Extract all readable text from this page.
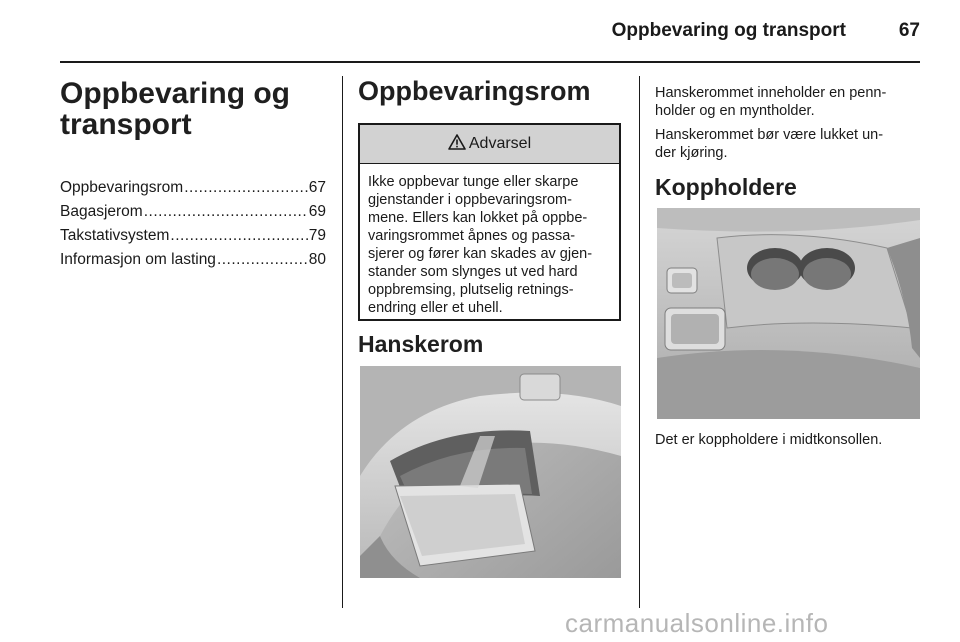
Oppbevaring og transport	67
Oppbevaring og
transport
Oppbevaringsrom .....	67
Bagasjerom .....	69
Takstativsystem .....	79
Informasjon om lasting .....	80
Oppbevaringsrom
Advarsel
Ikke oppbevar tunge eller skarpe
gjenstander i oppbevaringsrom-
mene. Ellers kan lokket på oppbe-
varingsrommet åpnes og passa-
sjerer og fører kan skades av gjen-
stander som slynges ut ved hard
oppbremsing, plutselig retnings-
endring eller et uhell.
Hanskerom

Hanskerommet inneholder en penn-
holder og en myntholder.

Hanskerommet bør være lukket un-
der kjøring.

Koppholdere
Det er koppholdere i midtkonsollen.
carmanualsonline.info
